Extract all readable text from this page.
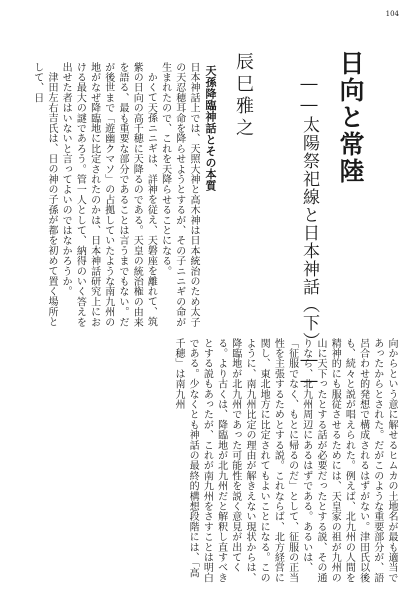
104
日向と常陸
――太陽祭祀線と日本神話（下）――
辰巳雅之
天孫降臨神話とその本質

日本神話上では、天照大神と高木神は日本統治のため太子の天忍穂耳命を降らせようとするが、その子ニニギの命が生まれたので、これを天降らせることになる。

かくて天孫ニニギは、詳神を従え、天磐座を離れて、筑紫の日向の高千穂に天降るのである。天皇の統治権の由来を語る、最も重要な部分であることは言うまでもない。だが後世まで「遊幽クマソ」の占拠していたような南九州の地がなぜ降臨地に比定されたのかは、日本神話研究上における最大の謎であろう。管一人として、納得のいく答えを出せた者はいないと言ってよいのではなかろうか。

津田左右吉氏は、日の神の子孫が都を初めて置く場所として、日

向からという意に解せるヒムカの土地名が最も適当であったからとされた。だがこのような重要部分が、語呂合わせ的発想で構成されるはずがない。津田氏以後も、続々と説が唱えられた。例えば、北九州の人間を精神的にも服従させるためには、天皇家の祖が九州の山に天下ったとする話が必要だったとする説、その通りなら、北九州周辺にあるはずである。あるいは、「征服でなく、もとに帰るのだ」として、征服の正当性を主張するためとする説。これならば、北方経営に関し、東北地方に比定されてもよいことになる。このように、南九州比定の理由が解きえない現状からは、降臨地が北九州であった可能性を説く意見が出てくる。より古くは、降臨地が北九州だと解釈し直すべきとする説もあったが、これが南九州をさすことは明白である。少なくとも神話の最終的構想段階には、「高千穂」は南九州
